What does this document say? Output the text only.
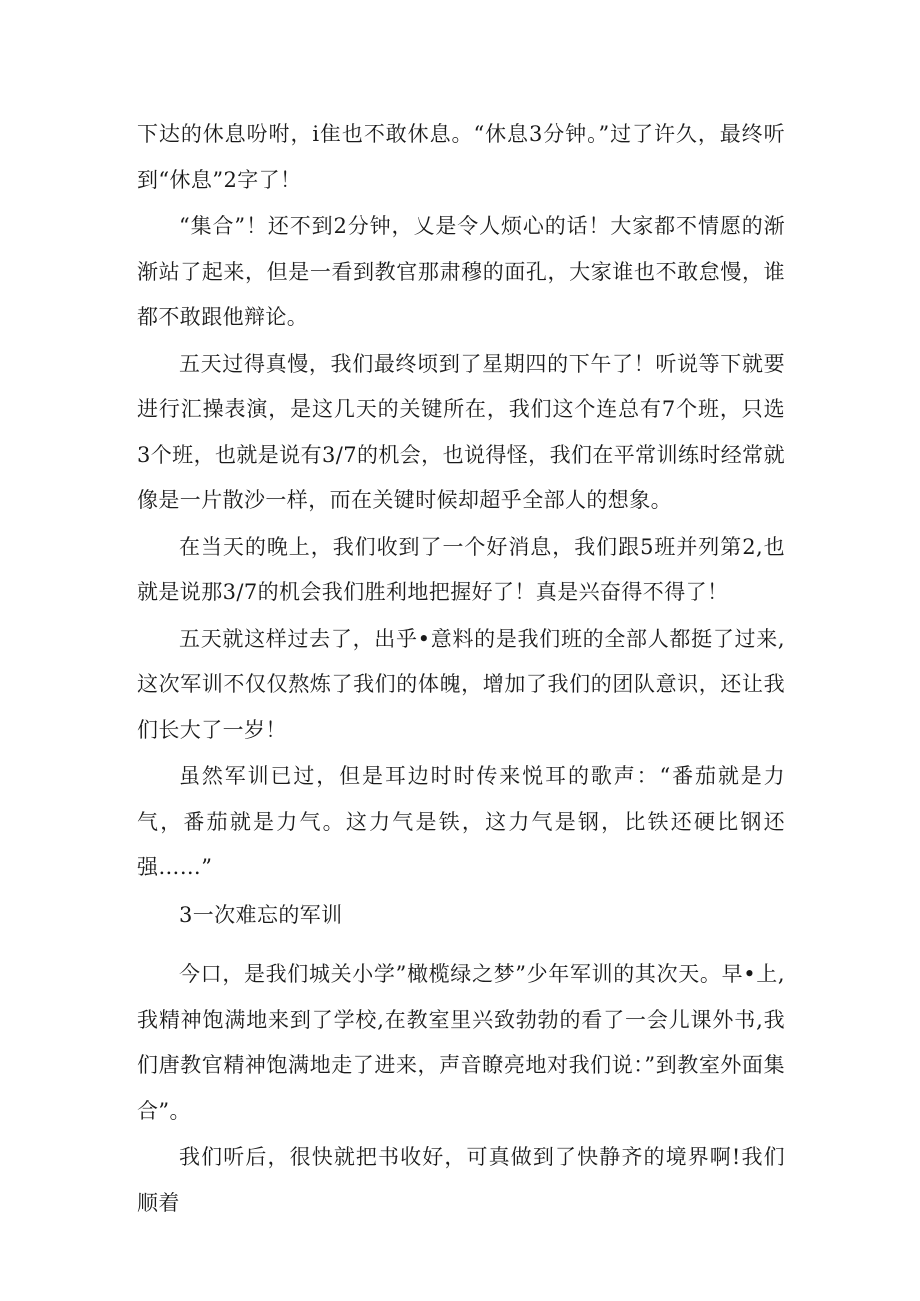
下达的休息吩咐，i隹也不敢休息。“休息3分钟。”过了许久，最终听到“休息”2字了！

“集合”！还不到2分钟，乂是令人烦心的话！大家都不情愿的渐渐站了起来，但是一看到教官那肃穆的面孔，大家谁也不敢怠慢，谁都不敢跟他辩论。

五天过得真慢，我们最终顷到了星期四的下午了！听说等下就要进行汇操表演，是这几天的关键所在，我们这个连总有7个班，只选3个班，也就是说有3/7的机会，也说得怪，我们在平常训练时经常就像是一片散沙一样，而在关键时候却超乎全部人的想象。

在当天的晚上，我们收到了一个好消息，我们跟5班并列第2,也就是说那3/7的机会我们胜利地把握好了！真是兴奋得不得了！

五天就这样过去了，出乎•意料的是我们班的全部人都挺了过来,这次军训不仅仅熬炼了我们的体魄，增加了我们的团队意识，还让我们长大了一岁！

虽然军训已过，但是耳边时时传来悦耳的歌声：“番茄就是力气，番茄就是力气。这力气是铁，这力气是钢，比铁还硬比钢还强……”

3一次难忘的军训

今口，是我们城关小学”橄榄绿之梦”少年军训的其次天。早•上,我精神饱满地来到了学校,在教室里兴致勃勃的看了一会儿课外书,我们唐教官精神饱满地走了进来，声音瞭亮地对我们说：”到教室外面集合”。

我们听后，很快就把书收好，可真做到了快静齐的境界啊!我们顺着
